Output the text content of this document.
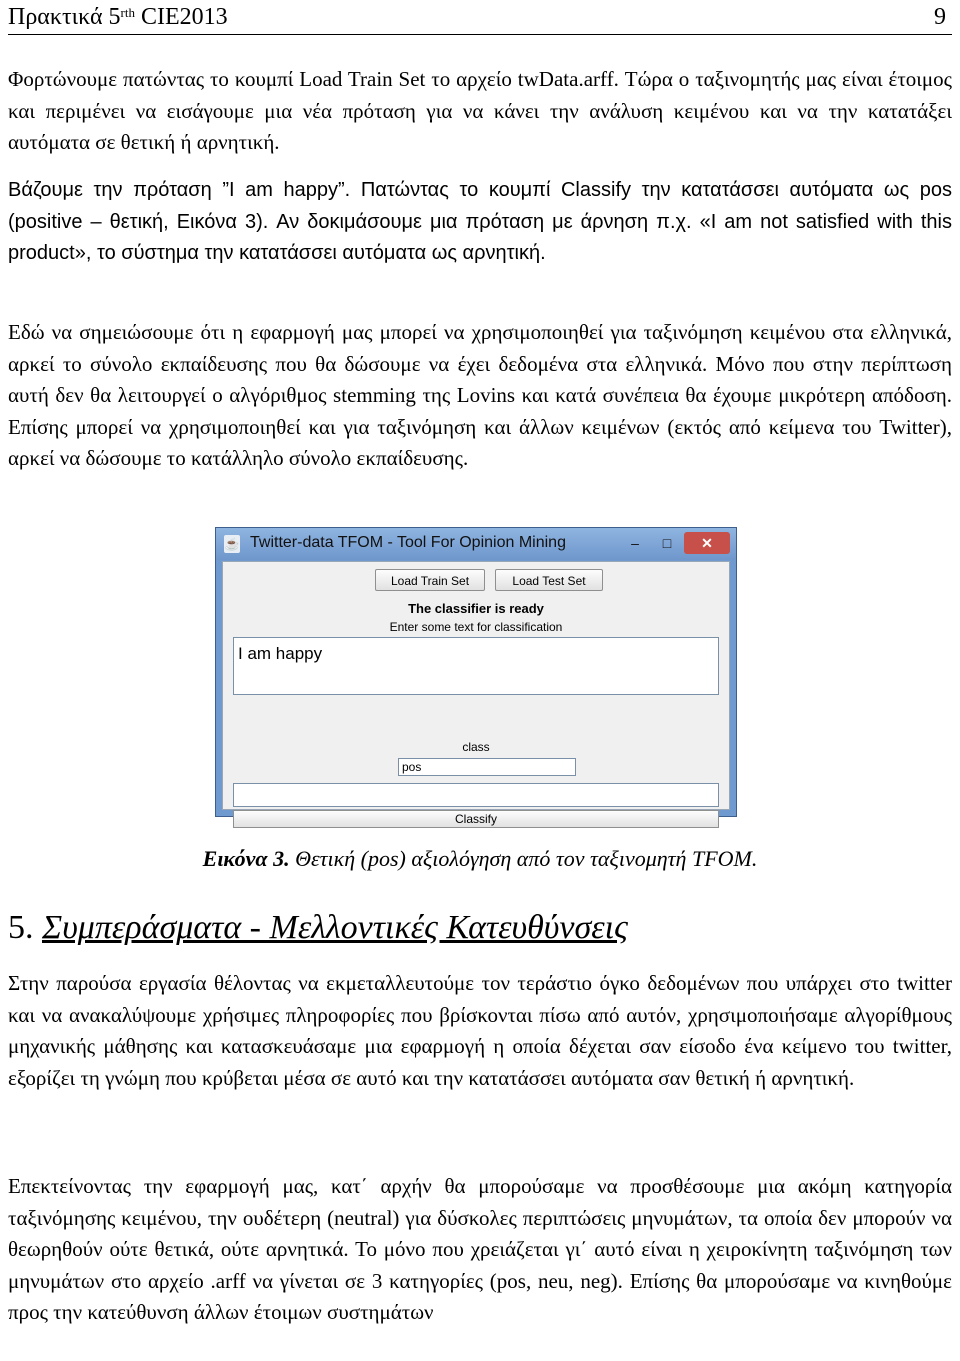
Πρακτικά $5^{rth}$ CIE2013	9

Φορτώνουμε πατώντας το κουμπί Load Train Set το αρχείο twData.arff. Τώρα ο ταξινομητής μας είναι έτοιμος και περιμένει να εισάγουμε μια νέα πρόταση για να κάνει την ανάλυση κειμένου και να την κατατάξει αυτόματα σε θετική ή αρνητική.

Βάζουμε την πρόταση ”I am happy”. Πατώντας το κουμπί Classify την κατατάσσει αυτόματα ως pos (positive – θετική, Εικόνα 3). Αν δοκιμάσουμε μια πρόταση με άρνηση π.χ. «I am not satisfied with this product», το σύστημα την κατατάσσει αυτόματα ως αρνητική.

Εδώ να σημειώσουμε ότι η εφαρμογή μας μπορεί να χρησιμοποιηθεί για ταξινόμηση κειμένου στα ελληνικά, αρκεί το σύνολο εκπαίδευσης που θα δώσουμε να έχει δεδομένα στα ελληνικά. Μόνο που στην περίπτωση αυτή δεν θα λειτουργεί ο αλγόριθμος stemming της Lovins και κατά συνέπεια θα έχουμε μικρότερη απόδοση. Επίσης μπορεί να χρησιμοποιηθεί και για ταξινόμηση και άλλων κειμένων (εκτός από κείμενα του Twitter), αρκεί να δώσουμε το κατάλληλο σύνολο εκπαίδευσης.

☕ Twitter-data TFOM - Tool For Opinion Mining	–	□	✕
Load Train Set	Load Test Set
The classifier is ready
Enter some text for classification
I am happy
class
pos
Classify
Εικόνα 3. Θετική (pos) αξιολόγηση από τον ταξινομητή TFOM.
5. Συμπεράσματα - Μελλοντικές Κατευθύνσεις

Στην παρούσα εργασία θέλοντας να εκμεταλλευτούμε τον τεράστιο όγκο δεδομένων που υπάρχει στο twitter και να ανακαλύψουμε χρήσιμες πληροφορίες που βρίσκονται πίσω από αυτόν, χρησιμοποιήσαμε αλγορίθμους μηχανικής μάθησης και κατασκευάσαμε μια εφαρμογή η οποία δέχεται σαν είσοδο ένα κείμενο του twitter, εξορίζει τη γνώμη που κρύβεται μέσα σε αυτό και την κατατάσσει αυτόματα σαν θετική ή αρνητική.

Επεκτείνοντας την εφαρμογή μας, κατ΄ αρχήν θα μπορούσαμε να προσθέσουμε μια ακόμη κατηγορία ταξινόμησης κειμένου, την ουδέτερη (neutral) για δύσκολες περιπτώσεις μηνυμάτων, τα οποία δεν μπορούν να θεωρηθούν ούτε θετικά, ούτε αρνητικά. Το μόνο που χρειάζεται γι΄ αυτό είναι η χειροκίνητη ταξινόμηση των μηνυμάτων στο αρχείο .arff να γίνεται σε 3 κατηγορίες (pos, neu, neg). Επίσης θα μπορούσαμε να κινηθούμε προς την κατεύθυνση άλλων έτοιμων συστημάτων
